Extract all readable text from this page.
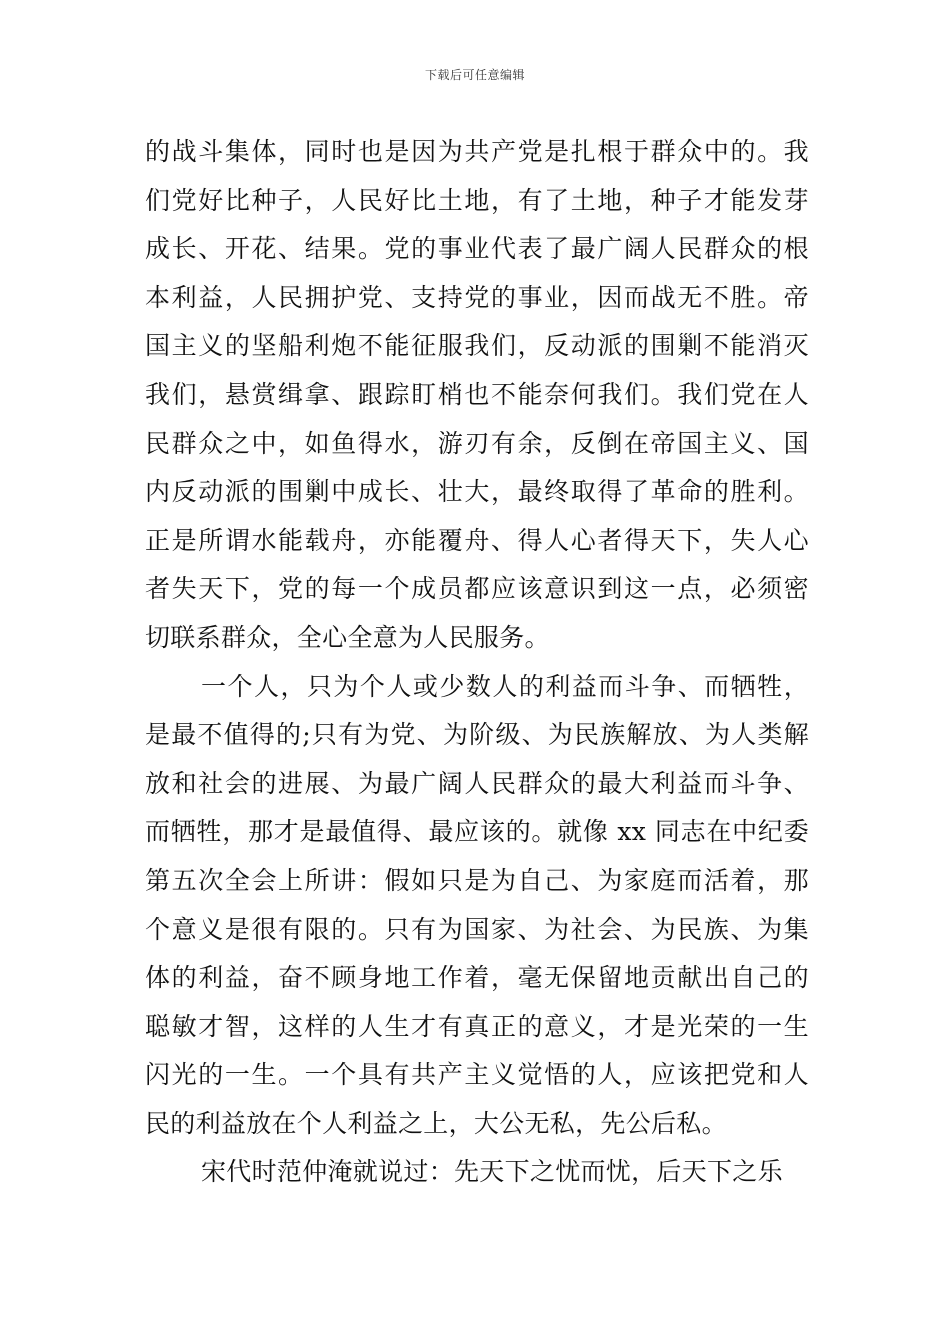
下载后可任意编辑
的战斗集体，同时也是因为共产党是扎根于群众中的。我
们党好比种子，人民好比土地，有了土地，种子才能发芽
成长、开花、结果。党的事业代表了最广阔人民群众的根
本利益，人民拥护党、支持党的事业，因而战无不胜。帝
国主义的坚船利炮不能征服我们，反动派的围剿不能消灭
我们，悬赏缉拿、跟踪盯梢也不能奈何我们。我们党在人
民群众之中，如鱼得水，游刃有余，反倒在帝国主义、国
内反动派的围剿中成长、壮大，最终取得了革命的胜利。
正是所谓水能载舟，亦能覆舟、得人心者得天下，失人心
者失天下，党的每一个成员都应该意识到这一点，必须密
切联系群众，全心全意为人民服务。
一个人，只为个人或少数人的利益而斗争、而牺牲，
是最不值得的;只有为党、为阶级、为民族解放、为人类解
放和社会的进展、为最广阔人民群众的最大利益而斗争、
而牺牲，那才是最值得、最应该的。就像 xx 同志在中纪委
第五次全会上所讲：假如只是为自己、为家庭而活着，那
个意义是很有限的。只有为国家、为社会、为民族、为集
体的利益，奋不顾身地工作着，毫无保留地贡献出自己的
聪敏才智，这样的人生才有真正的意义，才是光荣的一生
闪光的一生。一个具有共产主义觉悟的人，应该把党和人
民的利益放在个人利益之上，大公无私，先公后私。
宋代时范仲淹就说过：先天下之忧而忧，后天下之乐
